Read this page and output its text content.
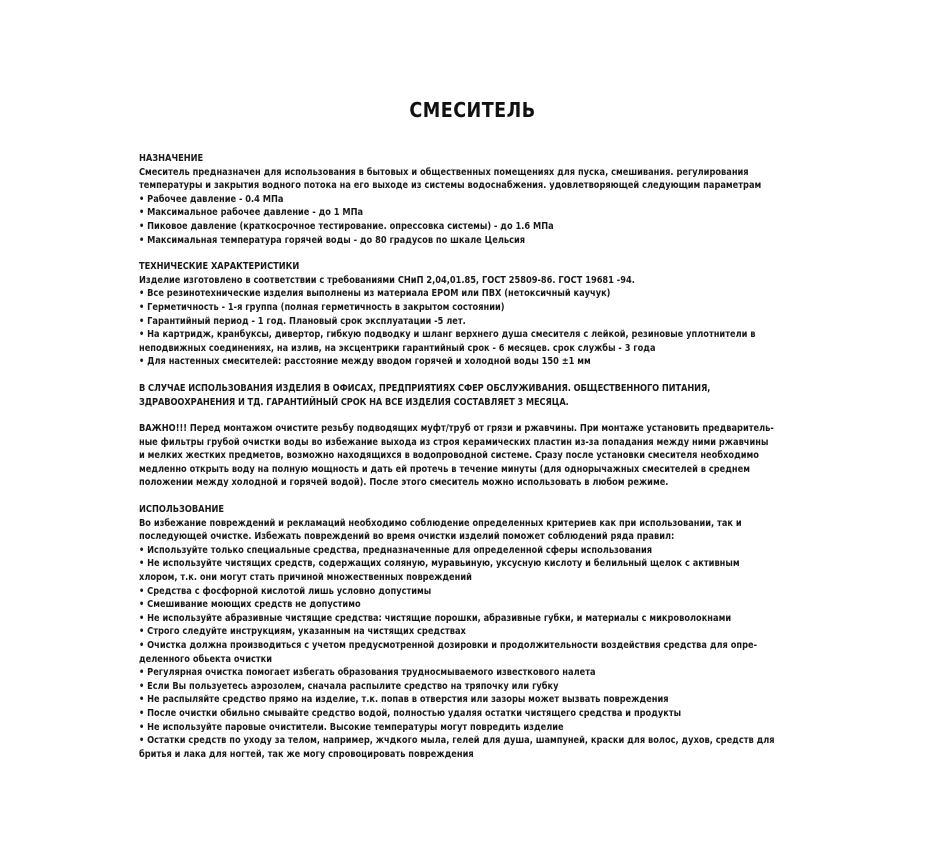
СМЕСИТЕЛЬ
НАЗНАЧЕНИЕ
Смеситель предназначен для использования в бытовых и общественных помещениях для пуска, смешивания. регулирования
температуры и закрытия водного потока на его выходе из системы водоснабжения. удовлетворяющей следующим параметрам
• Рабочее давление - 0.4 МПа
• Максимальное рабочее давление - до 1 МПа
• Пиковое давление (краткосрочное тестирование. опрессовка системы) - до 1.6 МПа
• Максимальная температура горячей воды - до 80 градусов по шкале Цельсия
ТЕХНИЧЕСКИЕ ХАРАКТЕРИСТИКИ
Изделие изготовлено в соответствии с требованиями СНиП 2,04,01.85, ГОСТ 25809-86. ГОСТ 19681 -94.
• Все резинотехнические изделия выполнены из материала EPOM или ПВХ (нетоксичный каучук)
• Герметичность - 1-я группа (полная герметичность в закрытом состоянии)
• Гарантийный период - 1 год. Плановый срок эксплуатации -5 лет.
• На картридж, кранбуксы, дивертор, гибкую подводку и шланг верхнего душа смесителя с лейкой, резиновые уплотнители в
неподвижных соединениях, на излив, на эксцентрики гарантийный срок - 6 месяцев. срок службы - 3 года
• Для настенных смесителей: расстояние между вводом горячей и холодной воды 150 ±1 мм
В СЛУЧАЕ ИСПОЛЬЗОВАНИЯ ИЗДЕЛИЯ В ОФИСАХ, ПРЕДПРИЯТИЯХ СФЕР ОБСЛУЖИВАНИЯ. ОБЩЕСТВЕННОГО ПИТАНИЯ,
ЗДРАВООХРАНЕНИЯ И ТД. ГАРАНТИЙНЫЙ СРОК НА ВСЕ ИЗДЕЛИЯ СОСТАВЛЯЕТ 3 МЕСЯЦА.
ВАЖНО!!! Перед монтажом очистите резьбу подводящих муфт/труб от грязи и ржавчины. При монтаже установить предваритель-
ные фильтры грубой очистки воды во избежание выхода из строя керамических пластин из-за попадания между ними ржавчины
и мелких жестких предметов, возможно находящихся в водопроводной системе. Сразу после установки смесителя необходимо
медленно открыть воду на полную мощность и дать ей протечь в течение минуты (для однорычажных смесителей в среднем
положении между холодной и горячей водой). После этого смеситель можно использовать в любом режиме.
ИСПОЛЬЗОВАНИЕ
Во избежание повреждений и рекламаций необходимо соблюдение определенных критериев как при использовании, так и
последующей очистке. Избежать повреждений во время очистки изделий поможет соблюдений ряда правил:
• Используйте только специальные средства, предназначенные для определенной сферы использования
• Не используйте чистящих средств, содержащих соляную, муравьиную, уксусную кислоту и белильный щелок с активным
хлором, т.к. они могут стать причиной множественных повреждений
• Средства с фосфорной кислотой лишь условно допустимы
• Смешивание моющих средств не допустимо
• Не используйте абразивные чистящие средства: чистящие порошки, абразивные губки, и материалы с микроволокнами
• Строго следуйте инструкциям, указанным на чистящих средствах
• Очистка должна производиться с учетом предусмотренной дозировки и продолжительности воздействия средства для опре-
деленного обьекта очистки
• Регулярная очистка помогает избегать образования трудносмываемого известкового налета
• Если Вы пользуетесь аэрозолем, сначала распылите средство на тряпочку или губку
• Не распыляйте средство прямо на изделие, т.к. попав в отверстия или зазоры может вызвать повреждения
• После очистки обильно смывайте средство водой, полностью удаляя остатки чистящего средства и продукты
• Не используйте паровые очистители. Высокие температуры могут повредить изделие
• Остатки средств по уходу за телом, например, жчдкого мыла, гелей для душа, шампуней, краски для волос, духов, средств для
бритья и лака для ногтей, так же могу спровоцировать повреждения
